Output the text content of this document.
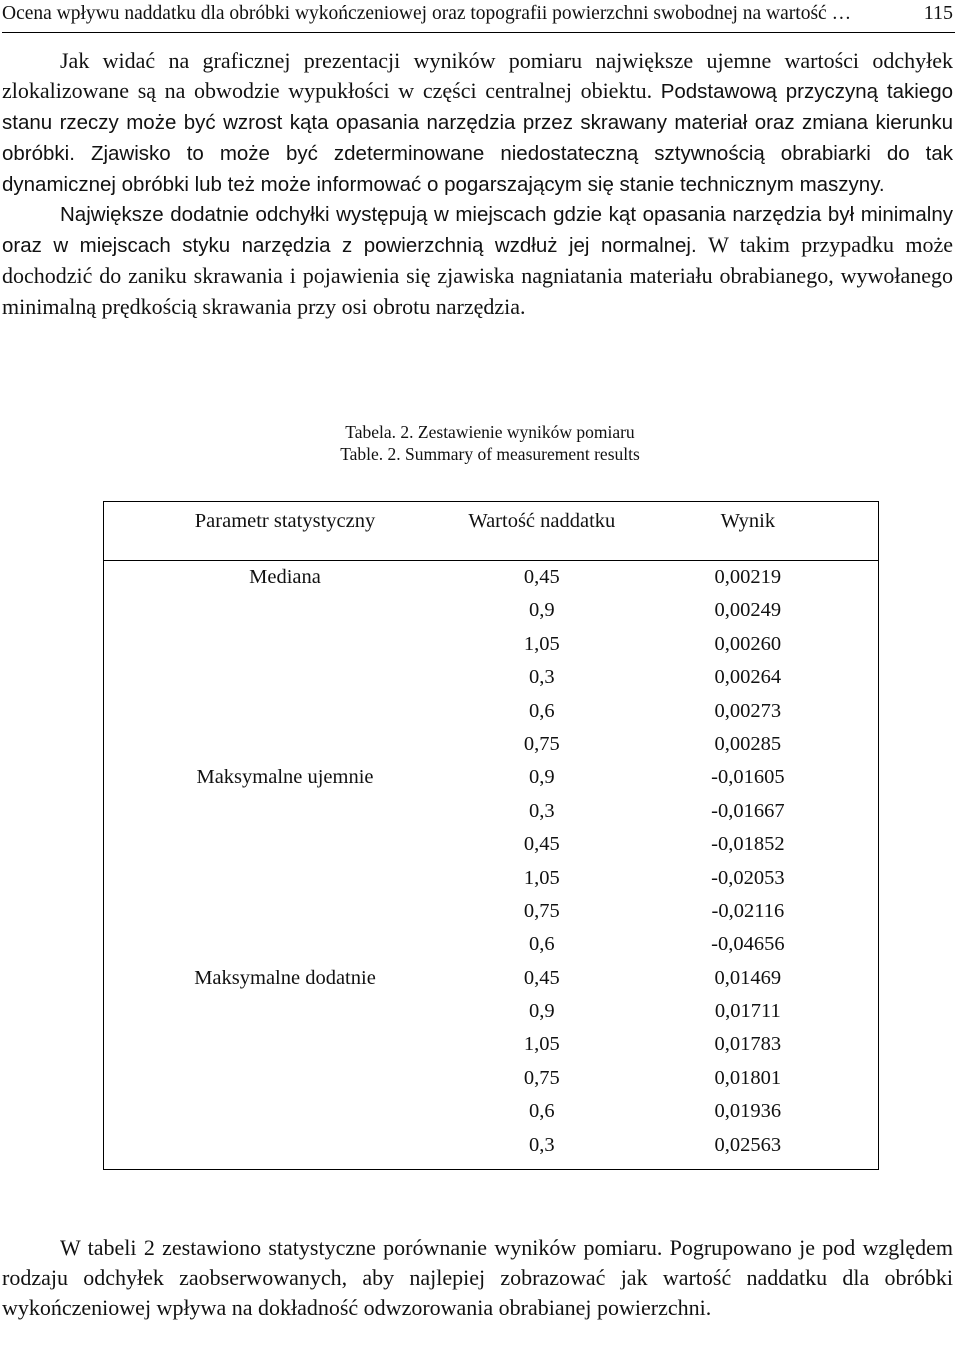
Ocena wpływu naddatku dla obróbki wykończeniowej oraz topografii powierzchni swobodnej na wartość …	115
Jak widać na graficznej prezentacji wyników pomiaru największe ujemne wartości odchyłek zlokalizowane są na obwodzie wypukłości w części centralnej obiektu. Podstawową przyczyną takiego stanu rzeczy może być wzrost kąta opasania narzędzia przez skrawany materiał oraz zmiana kierunku obróbki. Zjawisko to może być zdeterminowane niedostateczną sztywnością obrabiarki do tak dynamicznej obróbki lub też może informować o pogarszającym się stanie technicznym maszyny.
Największe dodatnie odchyłki występują w miejscach gdzie kąt opasania narzędzia był minimalny oraz w miejscach styku narzędzia z powierzchnią wzdłuż jej normalnej. W takim przypadku może dochodzić do zaniku skrawania i pojawienia się zjawiska nagniatania materiału obrabianego, wywołanego minimalną prędkością skrawania przy osi obrotu narzędzia.
Tabela. 2. Zestawienie wyników pomiaru
Table. 2. Summary of measurement results
Parametr statystyczny	Wartość naddatku	Wynik
Mediana	0,45	0,00219
	0,9	0,00249
	1,05	0,00260
	0,3	0,00264
	0,6	0,00273
	0,75	0,00285
Maksymalne ujemnie	0,9	-0,01605
	0,3	-0,01667
	0,45	-0,01852
	1,05	-0,02053
	0,75	-0,02116
	0,6	-0,04656
Maksymalne dodatnie	0,45	0,01469
	0,9	0,01711
	1,05	0,01783
	0,75	0,01801
	0,6	0,01936
	0,3	0,02563
W tabeli 2 zestawiono statystyczne porównanie wyników pomiaru. Pogrupowano je pod względem rodzaju odchyłek zaobserwowanych, aby najlepiej zobrazować jak wartość naddatku dla obróbki wykończeniowej wpływa na dokładność odwzorowania obrabianej powierzchni.
